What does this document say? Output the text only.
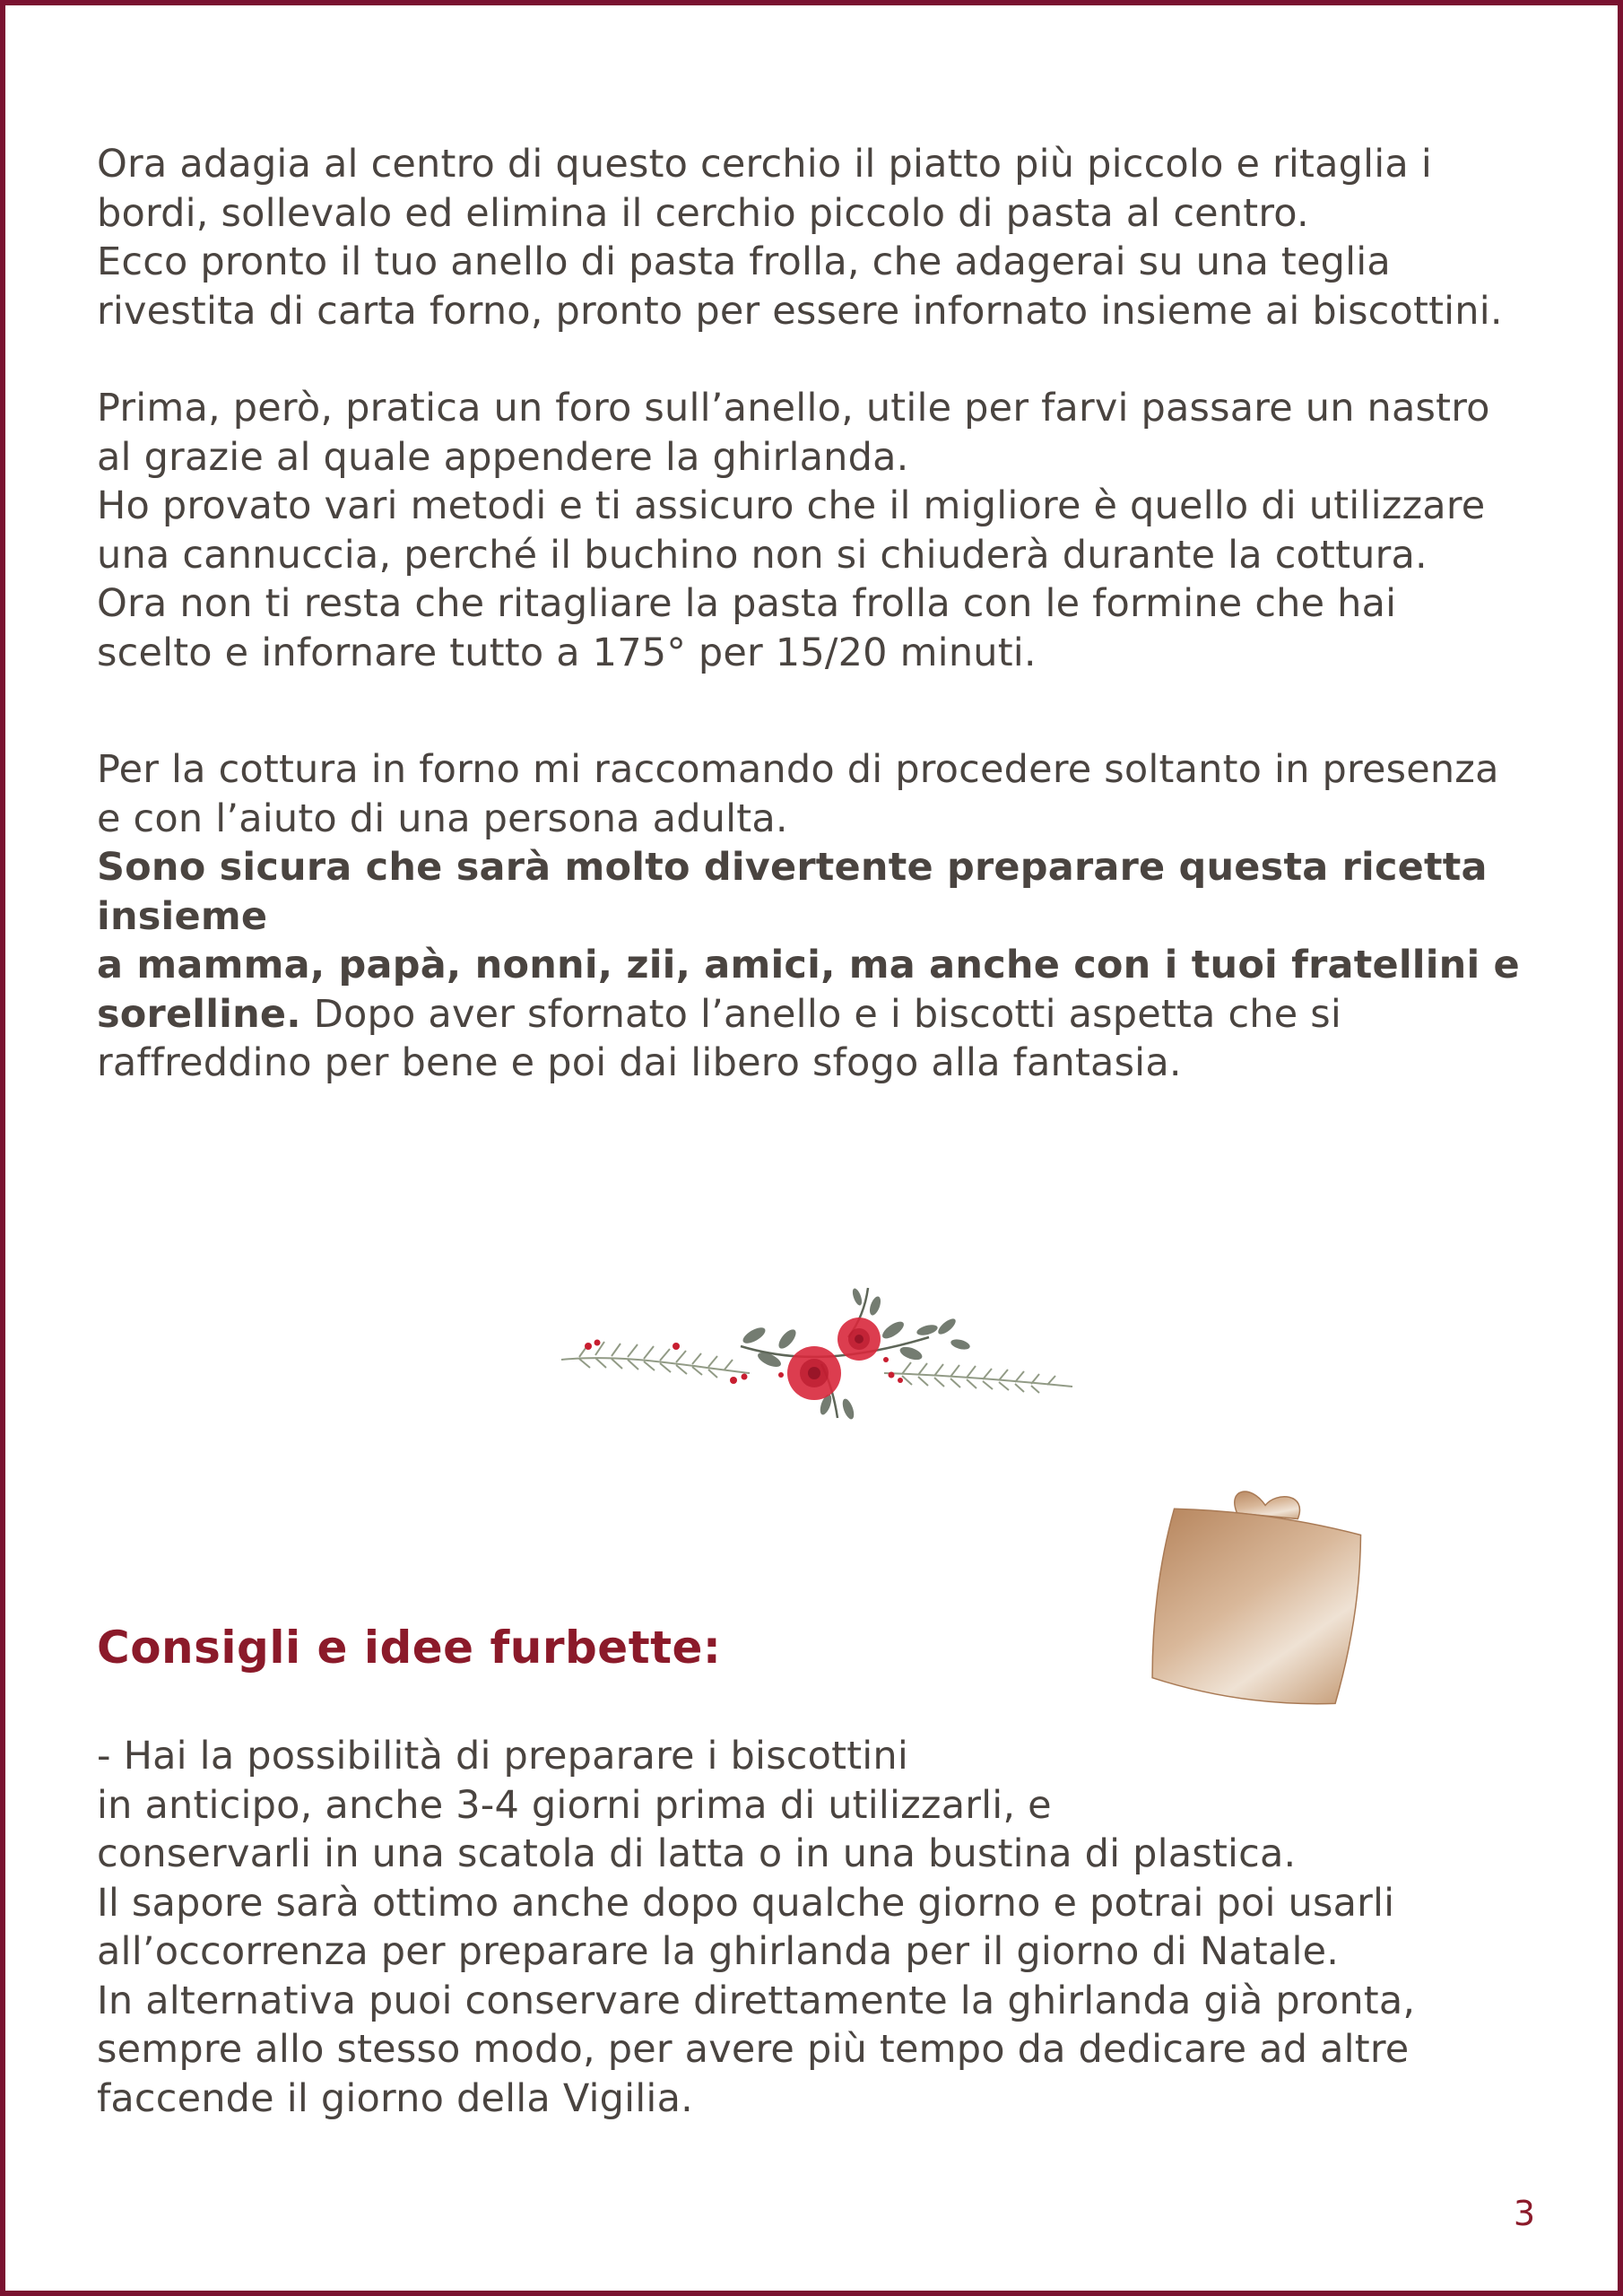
Ora adagia al centro di questo cerchio il piatto più piccolo e ritaglia i
bordi, sollevalo ed elimina il cerchio piccolo di pasta al centro.
Ecco pronto il tuo anello di pasta frolla, che adagerai su una teglia
rivestita di carta forno, pronto per essere infornato insieme ai biscottini.
Prima, però, pratica un foro sull’anello, utile per farvi passare un nastro
al grazie al quale appendere la ghirlanda.
Ho provato vari metodi e ti assicuro che il migliore è quello di utilizzare
una cannuccia, perché il buchino non si chiuderà durante la cottura.
Ora non ti resta che ritagliare la pasta frolla con le formine che hai
scelto e infornare tutto a 175° per 15/20 minuti.
Per la cottura in forno mi raccomando di procedere soltanto in presenza
e con l’aiuto di una persona adulta.
Sono sicura che sarà molto divertente preparare questa ricetta insieme
a mamma, papà, nonni, zii, amici, ma anche con i tuoi fratellini e
sorelline. Dopo aver sfornato l’anello e i biscotti aspetta che si
raffreddino per bene e poi dai libero sfogo alla fantasia.
Consigli e idee furbette:
- Hai la possibilità di preparare i biscottini
in anticipo, anche 3-4 giorni prima di utilizzarli, e
conservarli in una scatola di latta o in una bustina di plastica.
Il sapore sarà ottimo anche dopo qualche giorno e potrai poi usarli
all’occorrenza per preparare la ghirlanda per il giorno di Natale.
In alternativa puoi conservare direttamente la ghirlanda già pronta,
sempre allo stesso modo, per avere più tempo da dedicare ad altre
faccende il giorno della Vigilia.
3
